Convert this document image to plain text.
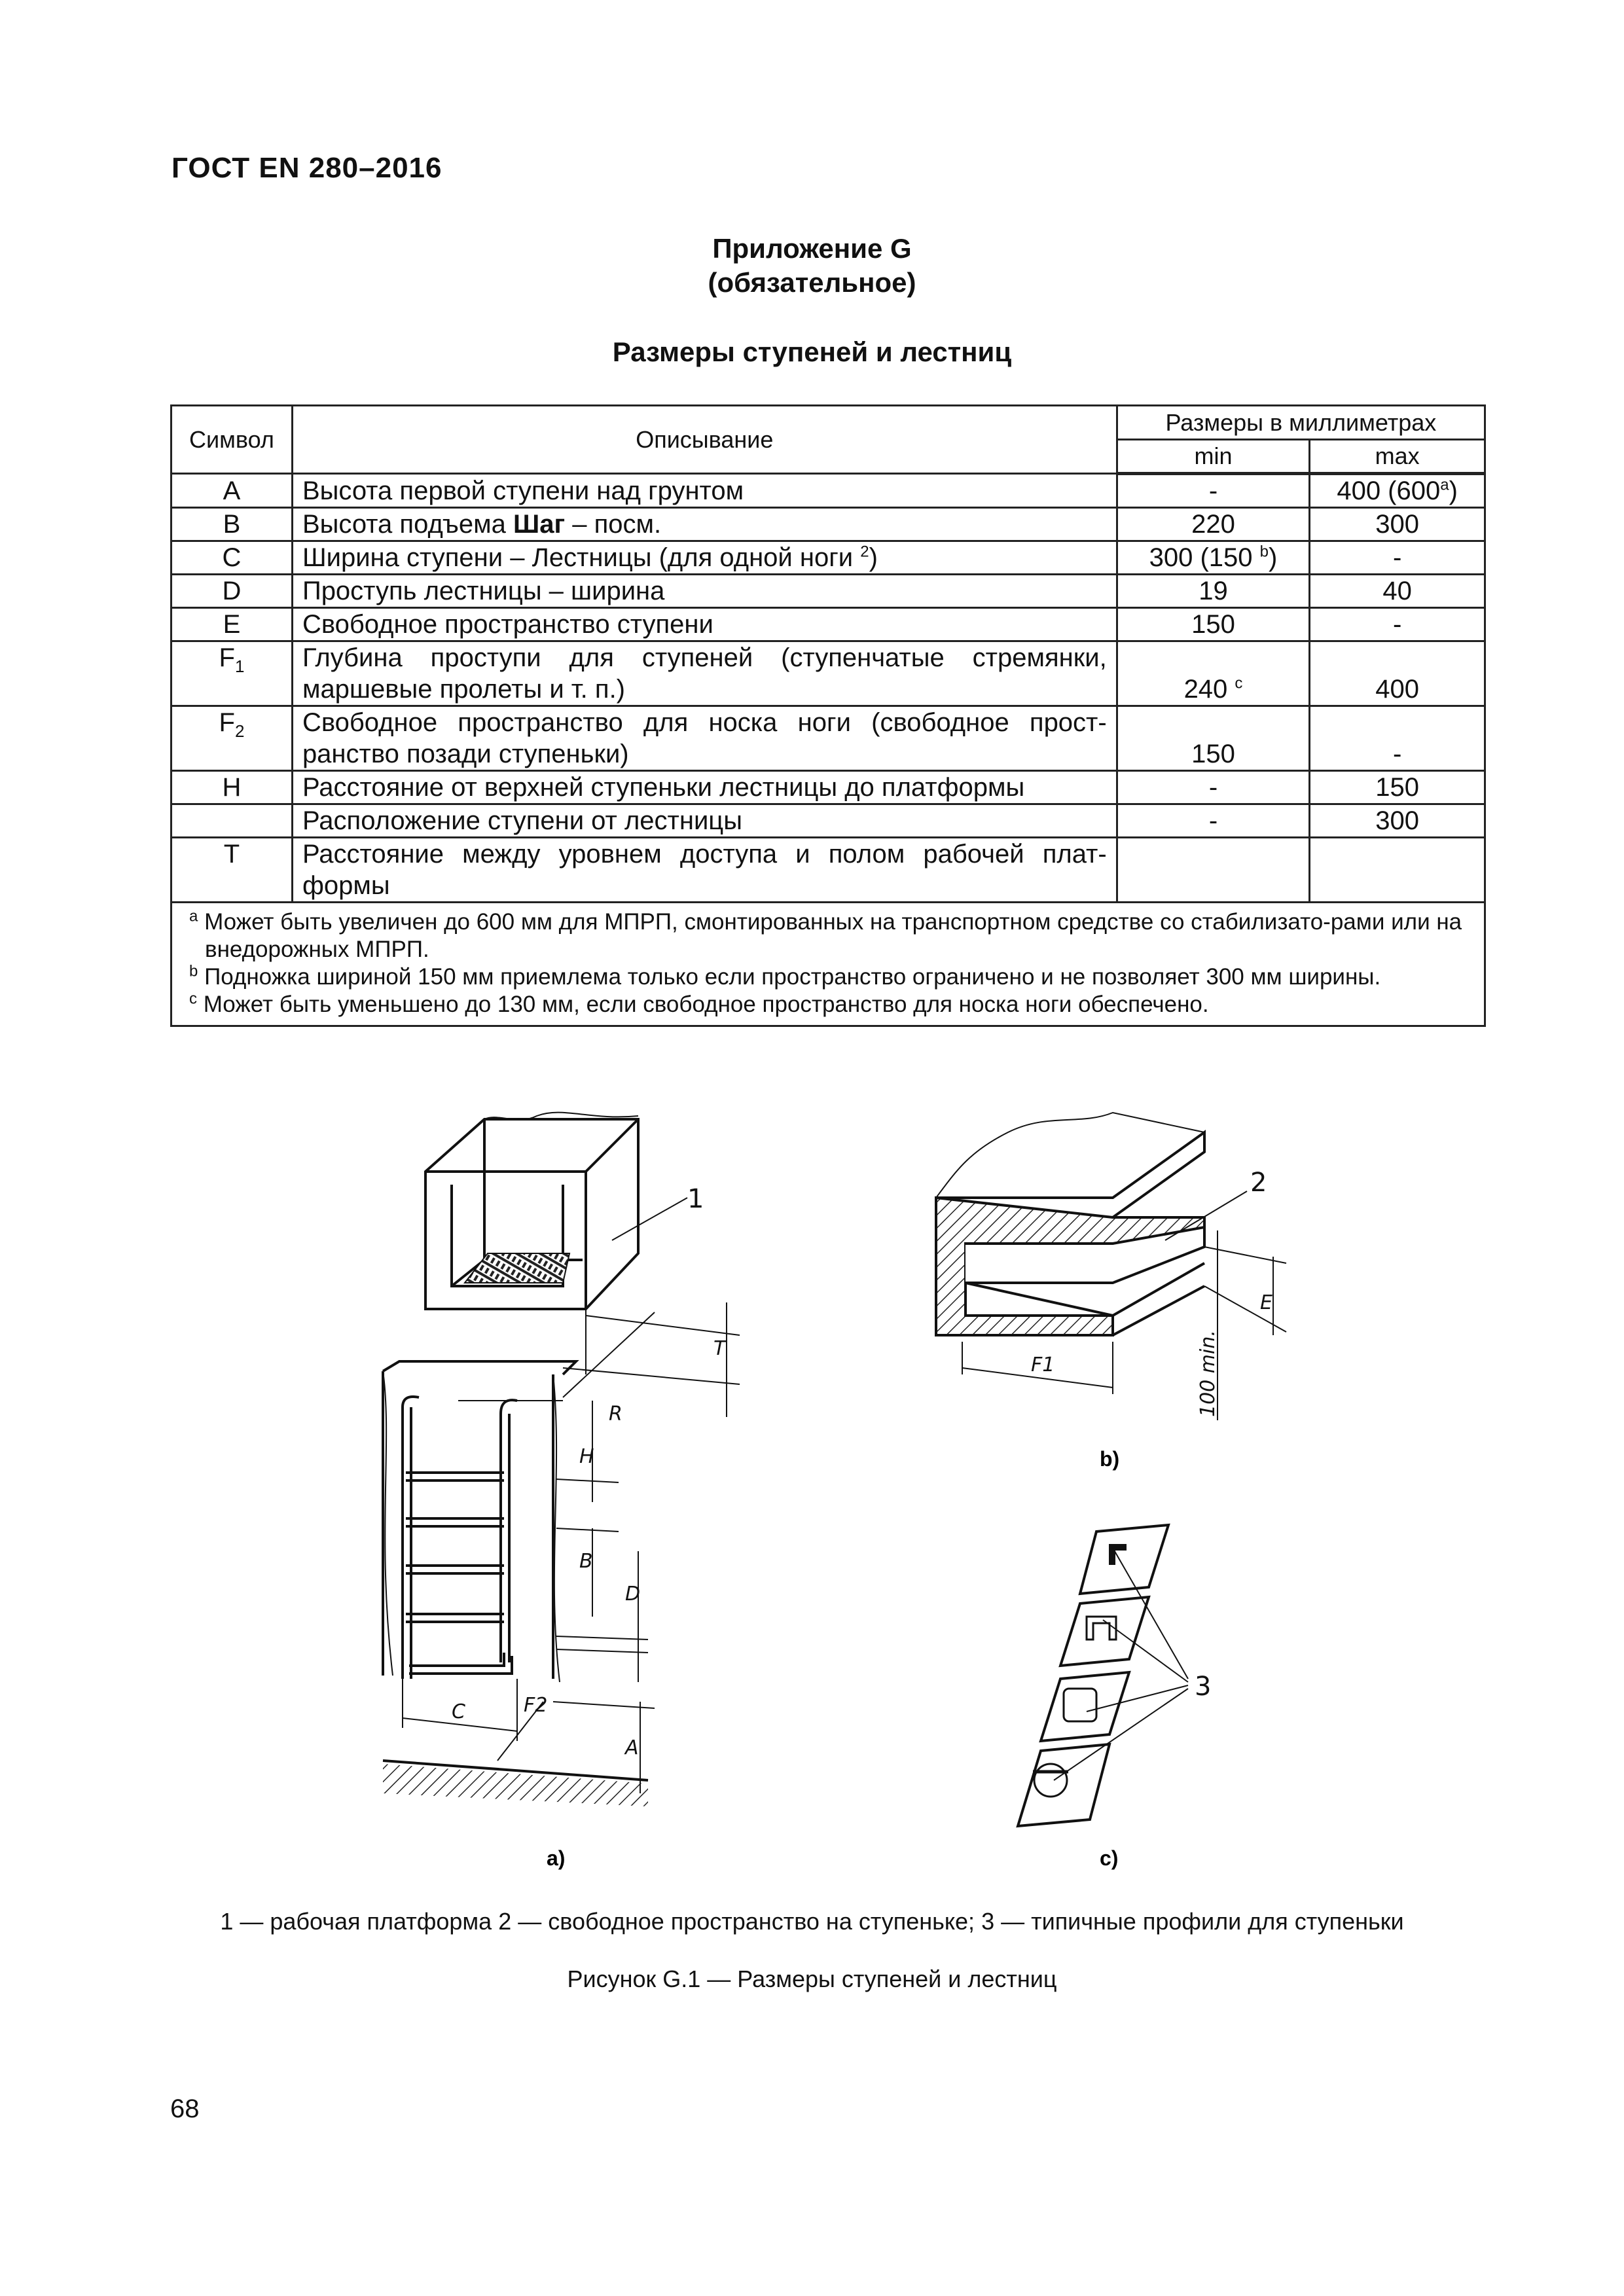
ГОСТ EN 280–2016
Приложение G
(обязательное)
Размеры ступеней и лестниц
Символ	Описывание	Размеры в миллиметрах	
		min	max
A	Высота первой ступени над грунтом	-	400 (600$^a$)
B	Высота подъема Шаг – посм.	220	300
C	Ширина ступени – Лестницы (для одной ноги $^2$)	300 (150 $^b$)	-
D	Проступь лестницы – ширина	19	40
E	Свободное пространство ступени	150	-
$F_1$	Глубина проступи для ступеней (ступенчатые стремянки, маршевые пролеты и т. п.)	240 $^c$	400
$F_2$	Свободное пространство для носка ноги (свободное прост-ранство позади ступеньки)	150	-
H	Расстояние от верхней ступеньки лестницы до платформы	-	150
	Расположение ступени от лестницы	-	300
T	Расстояние между уровнем доступа и полом рабочей плат-формы		

$^a$ Может быть увеличен до 600 мм для МПРП, смонтированных на транспортном средстве со стабилизато-рами или на внедорожных МПРП.
$^b$ Подножка шириной 150 мм приемлема только если пространство ограничено и не позволяет 300 мм ширины.
$^c$ Может быть уменьшено до 130 мм, если свободное пространство для носка ноги обеспечено.			
T
R
H
B
D
C	F2
A
1
a)
E
F1	100 min.
2
b)
3
c)
1 — рабочая платформа 2 — свободное пространство на ступеньке; 3 — типичные профили для ступеньки
Рисунок G.1 — Размеры ступеней и лестниц
68
